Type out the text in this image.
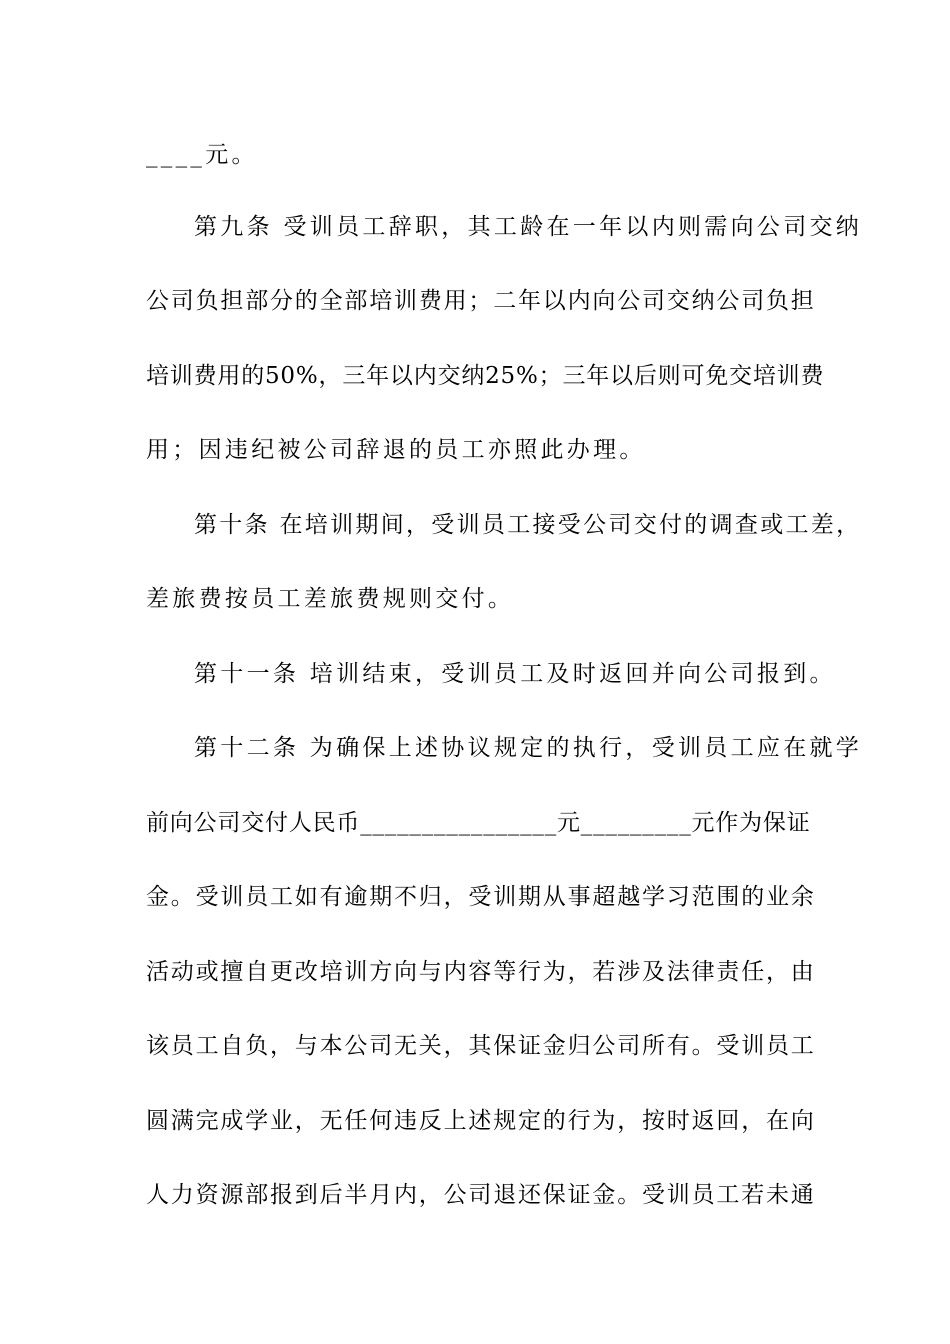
____元。
第九条 受训员工辞职，其工龄在一年以内则需向公司交纳
公司负担部分的全部培训费用；二年以内向公司交纳公司负担
培训费用的50%，三年以内交纳25%；三年以后则可免交培训费
用；因违纪被公司辞退的员工亦照此办理。
第十条 在培训期间，受训员工接受公司交付的调查或工差，
差旅费按员工差旅费规则交付。
第十一条 培训结束，受训员工及时返回并向公司报到。
第十二条 为确保上述协议规定的执行，受训员工应在就学
前向公司交付人民币________________元_________元作为保证
金。受训员工如有逾期不归，受训期从事超越学习范围的业余
活动或擅自更改培训方向与内容等行为，若涉及法律责任，由
该员工自负，与本公司无关，其保证金归公司所有。受训员工
圆满完成学业，无任何违反上述规定的行为，按时返回，在向
人力资源部报到后半月内，公司退还保证金。受训员工若未通
